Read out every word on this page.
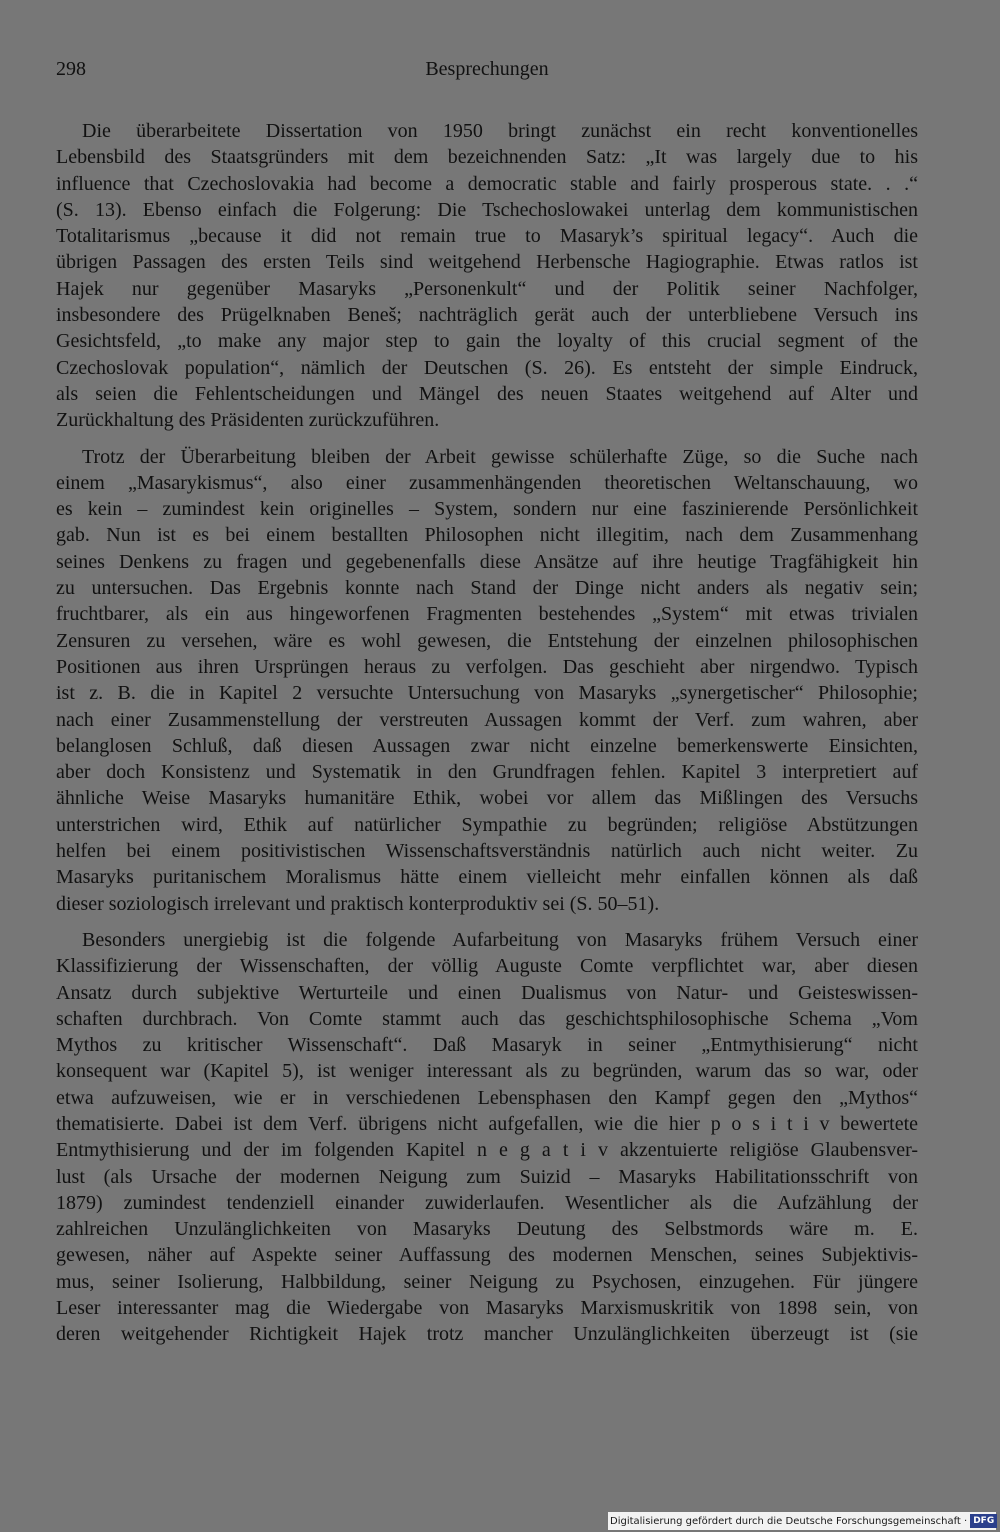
298	Besprechungen

Die überarbeitete Dissertation von 1950 bringt zunächst ein recht konventionelles
Lebensbild des Staatsgründers mit dem bezeichnenden Satz: „It was largely due to his
influence that Czechoslovakia had become a democratic stable and fairly prosperous state. . .“
(S. 13). Ebenso einfach die Folgerung: Die Tschechoslowakei unterlag dem kommunistischen
Totalitarismus „because it did not remain true to Masaryk’s spiritual legacy“. Auch die
übrigen Passagen des ersten Teils sind weitgehend Herbensche Hagiographie. Etwas ratlos ist
Hajek nur gegenüber Masaryks „Personenkult“ und der Politik seiner Nachfolger,
insbesondere des Prügelknaben Beneš; nachträglich gerät auch der unterbliebene Versuch ins
Gesichtsfeld, „to make any major step to gain the loyalty of this crucial segment of the
Czechoslovak population“, nämlich der Deutschen (S. 26). Es entsteht der simple Eindruck,
als seien die Fehlentscheidungen und Mängel des neuen Staates weitgehend auf Alter und
Zurückhaltung des Präsidenten zurückzuführen.

Trotz der Überarbeitung bleiben der Arbeit gewisse schülerhafte Züge, so die Suche nach
einem „Masarykismus“, also einer zusammenhängenden theoretischen Weltanschauung, wo
es kein – zumindest kein originelles – System, sondern nur eine faszinierende Persönlichkeit
gab. Nun ist es bei einem bestallten Philosophen nicht illegitim, nach dem Zusammenhang
seines Denkens zu fragen und gegebenenfalls diese Ansätze auf ihre heutige Tragfähigkeit hin
zu untersuchen. Das Ergebnis konnte nach Stand der Dinge nicht anders als negativ sein;
fruchtbarer, als ein aus hingeworfenen Fragmenten bestehendes „System“ mit etwas trivialen
Zensuren zu versehen, wäre es wohl gewesen, die Entstehung der einzelnen philosophischen
Positionen aus ihren Ursprüngen heraus zu verfolgen. Das geschieht aber nirgendwo. Typisch
ist z. B. die in Kapitel 2 versuchte Untersuchung von Masaryks „synergetischer“ Philosophie;
nach einer Zusammenstellung der verstreuten Aussagen kommt der Verf. zum wahren, aber
belanglosen Schluß, daß diesen Aussagen zwar nicht einzelne bemerkenswerte Einsichten,
aber doch Konsistenz und Systematik in den Grundfragen fehlen. Kapitel 3 interpretiert auf
ähnliche Weise Masaryks humanitäre Ethik, wobei vor allem das Mißlingen des Versuchs
unterstrichen wird, Ethik auf natürlicher Sympathie zu begründen; religiöse Abstützungen
helfen bei einem positivistischen Wissenschaftsverständnis natürlich auch nicht weiter. Zu
Masaryks puritanischem Moralismus hätte einem vielleicht mehr einfallen können als daß
dieser soziologisch irrelevant und praktisch konterproduktiv sei (S. 50–51).

Besonders unergiebig ist die folgende Aufarbeitung von Masaryks frühem Versuch einer
Klassifizierung der Wissenschaften, der völlig Auguste Comte verpflichtet war, aber diesen
Ansatz durch subjektive Werturteile und einen Dualismus von Natur- und Geisteswissen-
schaften durchbrach. Von Comte stammt auch das geschichtsphilosophische Schema „Vom
Mythos zu kritischer Wissenschaft“. Daß Masaryk in seiner „Entmythisierung“ nicht
konsequent war (Kapitel 5), ist weniger interessant als zu begründen, warum das so war, oder
etwa aufzuweisen, wie er in verschiedenen Lebensphasen den Kampf gegen den „Mythos“
thematisierte. Dabei ist dem Verf. übrigens nicht aufgefallen, wie die hier p o s i t i v bewertete
Entmythisierung und der im folgenden Kapitel n e g a t i v akzentuierte religiöse Glaubensver-
lust (als Ursache der modernen Neigung zum Suizid – Masaryks Habilitationsschrift von
1879) zumindest tendenziell einander zuwiderlaufen. Wesentlicher als die Aufzählung der
zahlreichen Unzulänglichkeiten von Masaryks Deutung des Selbstmords wäre m. E.
gewesen, näher auf Aspekte seiner Auffassung des modernen Menschen, seines Subjektivis-
mus, seiner Isolierung, Halbbildung, seiner Neigung zu Psychosen, einzugehen. Für jüngere
Leser interessanter mag die Wiedergabe von Masaryks Marxismuskritik von 1898 sein, von
deren weitgehender Richtigkeit Hajek trotz mancher Unzulänglichkeiten überzeugt ist (sie

Digitalisierung gefördert durch die Deutsche Forschungsgemeinschaft · DFG
